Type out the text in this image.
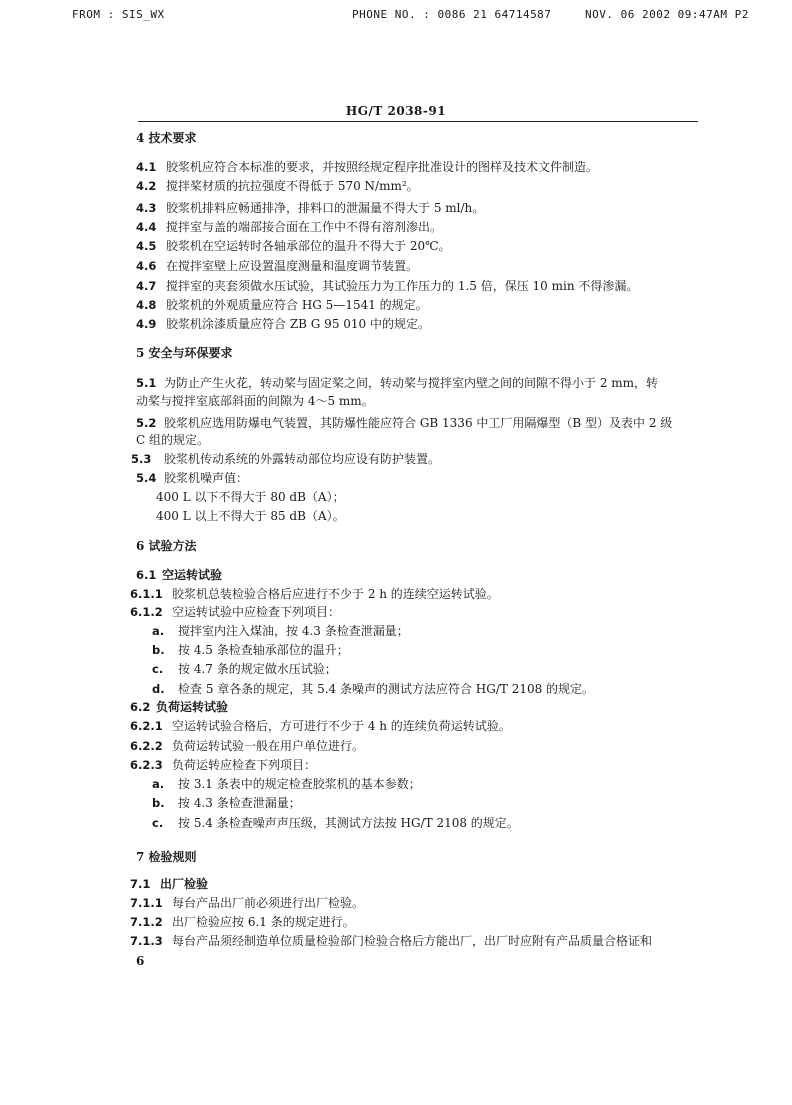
FROM : SIS_WX	PHONE NO. : 0086 21 64714587	NOV. 06 2002 09:47AM P2
HG/T 2038-91
4 技术要求
4.1 胶浆机应符合本标准的要求，并按照经规定程序批准设计的图样及技术文件制造。
4.2 搅拌桨材质的抗拉强度不得低于 570 N/mm²。
4.3 胶浆机排料应畅通排净，排料口的泄漏量不得大于 5 ml/h。
4.4 搅拌室与盖的端部接合面在工作中不得有溶剂渗出。
4.5 胶浆机在空运转时各轴承部位的温升不得大于 20℃。
4.6 在搅拌室壁上应设置温度测量和温度调节装置。
4.7 搅拌室的夹套须做水压试验，其试验压力为工作压力的 1.5 倍，保压 10 min 不得渗漏。
4.8 胶浆机的外观质量应符合 HG 5—1541 的规定。
4.9 胶浆机涂漆质量应符合 ZB G 95 010 中的规定。
5 安全与环保要求
5.1 为防止产生火花，转动桨与固定桨之间，转动桨与搅拌室内壁之间的间隙不得小于 2 mm，转
动桨与搅拌室底部斜面的间隙为 4～5 mm。
5.2 胶浆机应选用防爆电气装置，其防爆性能应符合 GB 1336 中工厂用隔爆型（B 型）及表中 2 级
C 组的规定。
5.3 胶浆机传动系统的外露转动部位均应设有防护装置。
5.4 胶浆机噪声值：
400 L 以下不得大于 80 dB（A）；
400 L 以上不得大于 85 dB（A）。
6 试验方法
6.1 空运转试验
6.1.1 胶浆机总装检验合格后应进行不少于 2 h 的连续空运转试验。
6.1.2 空运转试验中应检查下列项目：
a. 搅拌室内注入煤油，按 4.3 条检查泄漏量；
b. 按 4.5 条检查轴承部位的温升；
c. 按 4.7 条的规定做水压试验；
d. 检查 5 章各条的规定，其 5.4 条噪声的测试方法应符合 HG/T 2108 的规定。
6.2 负荷运转试验
6.2.1 空运转试验合格后，方可进行不少于 4 h 的连续负荷运转试验。
6.2.2 负荷运转试验一般在用户单位进行。
6.2.3 负荷运转应检查下列项目：
a. 按 3.1 条表中的规定检查胶浆机的基本参数；
b. 按 4.3 条检查泄漏量；
c. 按 5.4 条检查噪声声压级，其测试方法按 HG/T 2108 的规定。
7 检验规则
7.1 出厂检验
7.1.1 每台产品出厂前必须进行出厂检验。
7.1.2 出厂检验应按 6.1 条的规定进行。
7.1.3 每台产品须经制造单位质量检验部门检验合格后方能出厂，出厂时应附有产品质量合格证和
6
